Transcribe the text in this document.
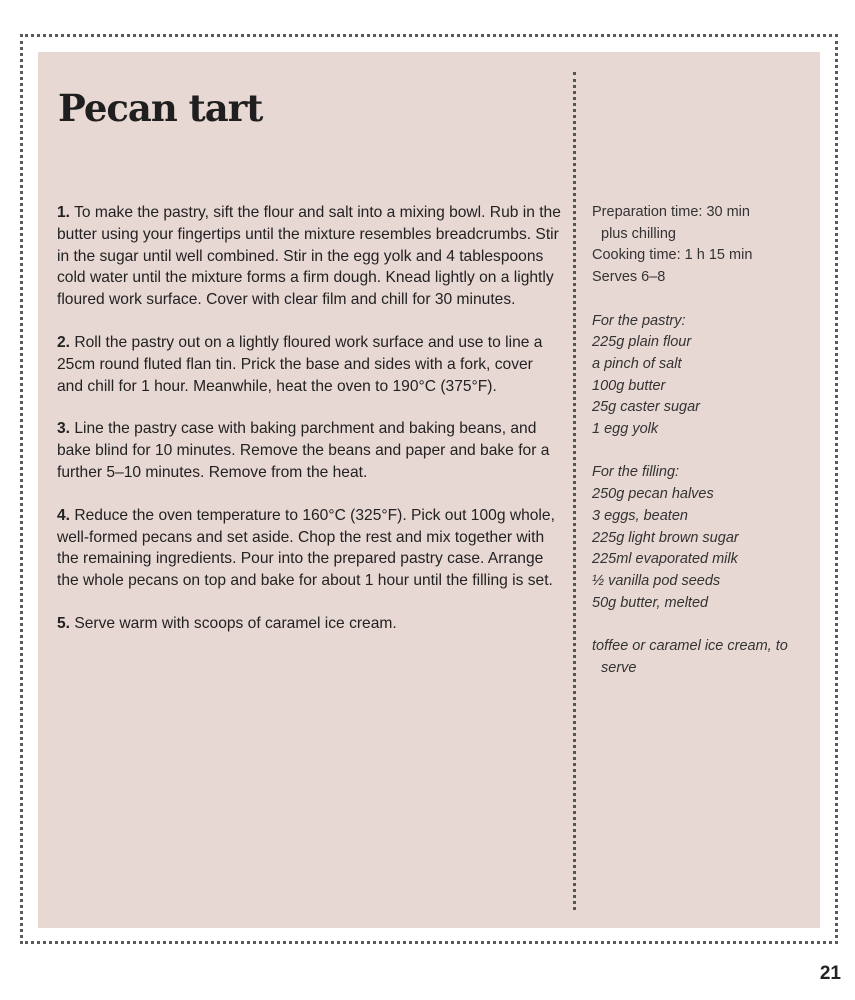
Pecan tart

1. To make the pastry, sift the flour and salt into a mixing bowl. Rub in the butter using your fingertips until the mixture resembles breadcrumbs. Stir in the sugar until well combined. Stir in the egg yolk and 4 tablespoons cold water until the mixture forms a firm dough. Knead lightly on a lightly floured work surface. Cover with clear film and chill for 30 minutes.

2. Roll the pastry out on a lightly floured work surface and use to line a 25cm round fluted flan tin. Prick the base and sides with a fork, cover and chill for 1 hour. Meanwhile, heat the oven to 190°C (375°F).

3. Line the pastry case with baking parchment and baking beans, and bake blind for 10 minutes. Remove the beans and paper and bake for a further 5–10 minutes. Remove from the heat.

4. Reduce the oven temperature to 160°C (325°F). Pick out 100g whole, well-formed pecans and set aside. Chop the rest and mix together with the remaining ingredients. Pour into the prepared pastry case. Arrange the whole pecans on top and bake for about 1 hour until the filling is set.

5. Serve warm with scoops of caramel ice cream.

Preparation time: 30 min

plus chilling

Cooking time: 1 h 15 min

Serves 6–8

For the pastry:

225g plain flour

a pinch of salt

100g butter

25g caster sugar

1 egg yolk

For the filling:

250g pecan halves

3 eggs, beaten

225g light brown sugar

225ml evaporated milk

½ vanilla pod seeds

50g butter, melted

toffee or caramel ice cream, to

serve

21
